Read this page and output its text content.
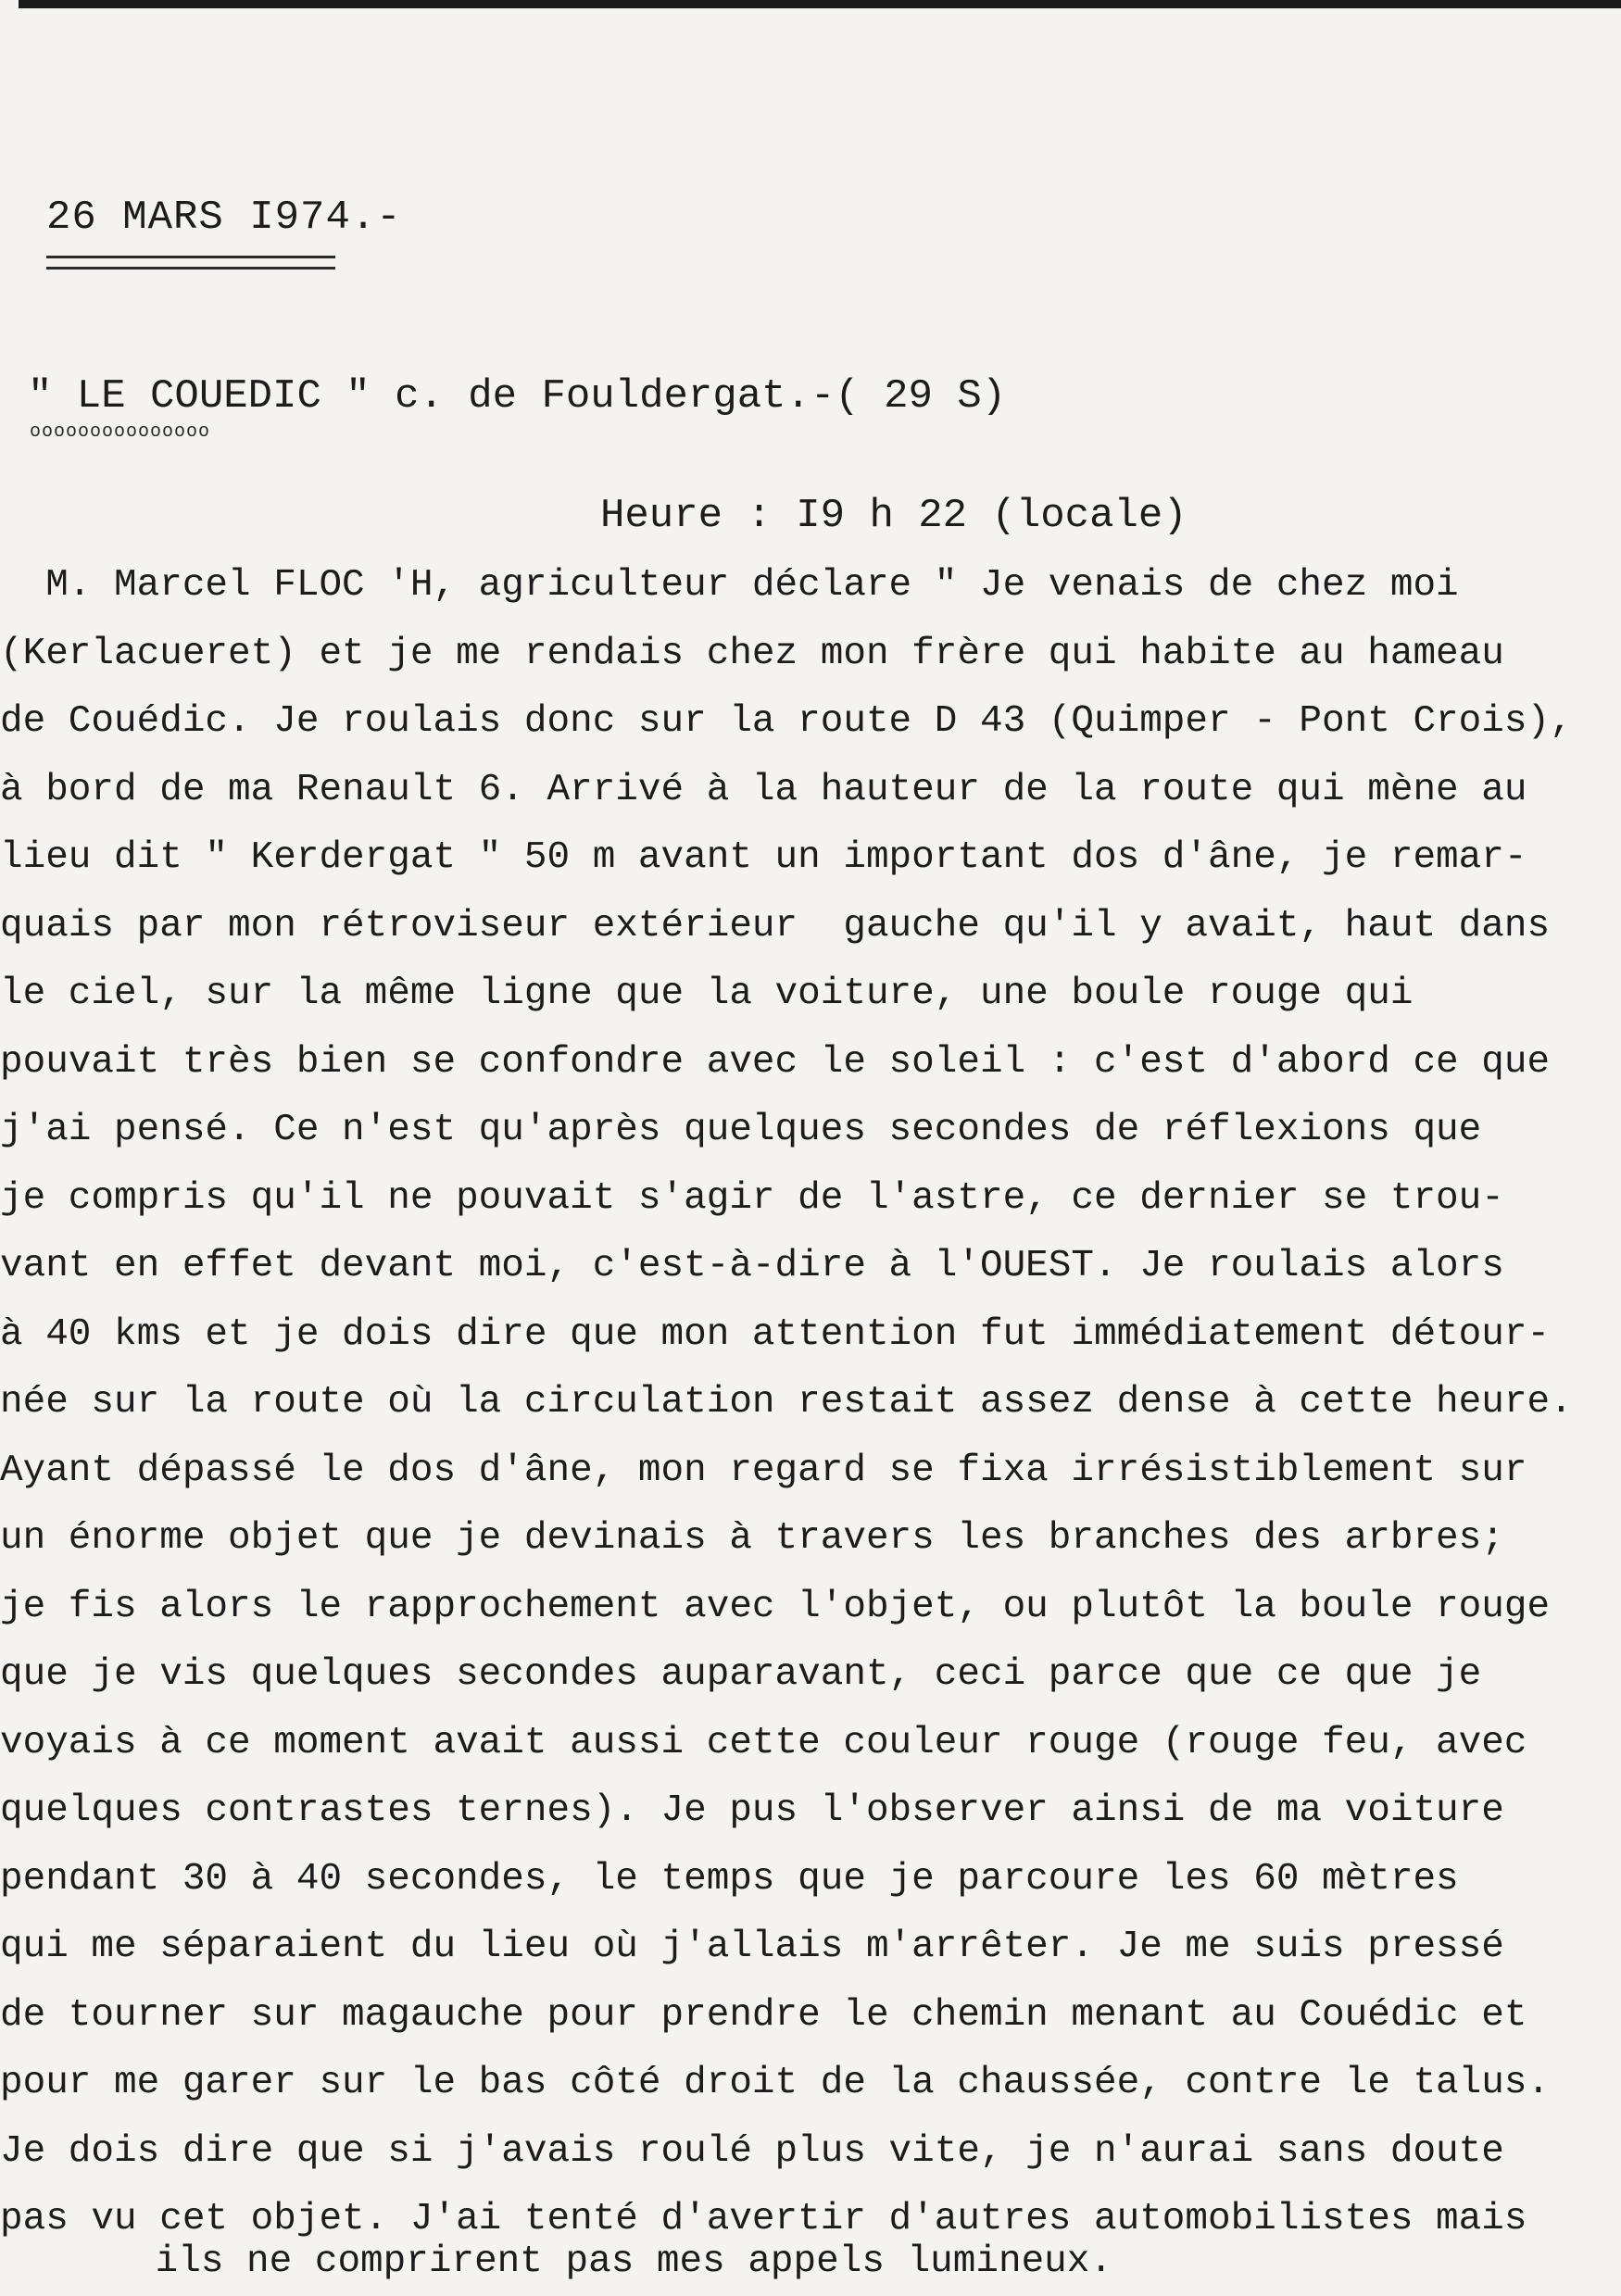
26 MARS I974.-
" LE COUEDIC " c. de Fouldergat.-( 29 S)
ooooooooooooooo
Heure : I9 h 22 (locale)
M. Marcel FLOC 'H, agriculteur déclare " Je venais de chez moi
(Kerlacueret) et je me rendais chez mon frère qui habite au hameau
de Couédic. Je roulais donc sur la route D 43 (Quimper - Pont Crois),
à bord de ma Renault 6. Arrivé à la hauteur de la route qui mène au
lieu dit " Kerdergat " 50 m avant un important dos d'âne, je remar-
quais par mon rétroviseur extérieur  gauche qu'il y avait, haut dans
le ciel, sur la même ligne que la voiture, une boule rouge qui
pouvait très bien se confondre avec le soleil : c'est d'abord ce que
j'ai pensé. Ce n'est qu'après quelques secondes de réflexions que
je compris qu'il ne pouvait s'agir de l'astre, ce dernier se trou-
vant en effet devant moi, c'est-à-dire à l'OUEST. Je roulais alors
à 40 kms et je dois dire que mon attention fut immédiatement détour-
née sur la route où la circulation restait assez dense à cette heure.
Ayant dépassé le dos d'âne, mon regard se fixa irrésistiblement sur
un énorme objet que je devinais à travers les branches des arbres;
je fis alors le rapprochement avec l'objet, ou plutôt la boule rouge
que je vis quelques secondes auparavant, ceci parce que ce que je
voyais à ce moment avait aussi cette couleur rouge (rouge feu, avec
quelques contrastes ternes). Je pus l'observer ainsi de ma voiture
pendant 30 à 40 secondes, le temps que je parcoure les 60 mètres
qui me séparaient du lieu où j'allais m'arrêter. Je me suis pressé
de tourner sur magauche pour prendre le chemin menant au Couédic et
pour me garer sur le bas côté droit de la chaussée, contre le talus.
Je dois dire que si j'avais roulé plus vite, je n'aurai sans doute
pas vu cet objet. J'ai tenté d'avertir d'autres automobilistes mais
ils ne comprirent pas mes appels lumineux.
